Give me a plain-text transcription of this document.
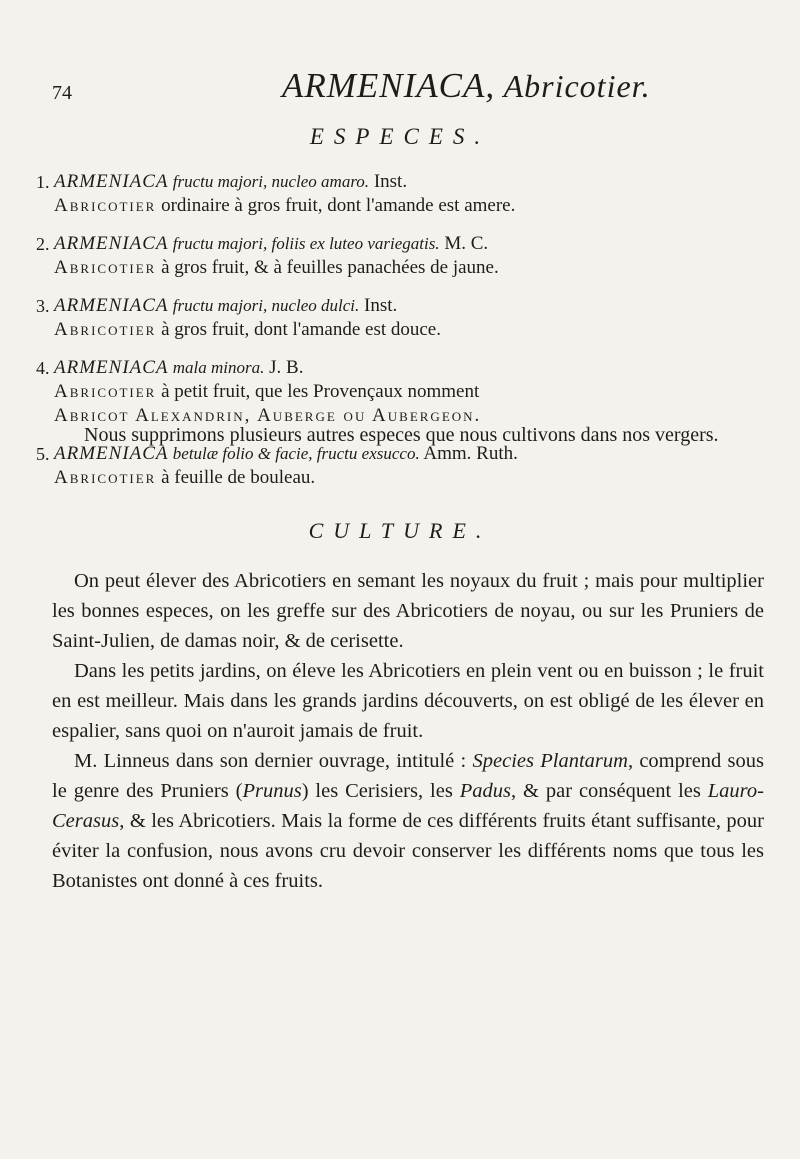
74	ARMENIACA, Abricotier.
ESPECES.
1. ARMENIACA fructu majori, nucleo amaro. Inst.
Abricotier ordinaire à gros fruit, dont l'amande est amere.
2. ARMENIACA fructu majori, foliis ex luteo variegatis. M. C.
Abricotier à gros fruit, & à feuilles panachées de jaune.
3. ARMENIACA fructu majori, nucleo dulci. Inst.
Abricotier à gros fruit, dont l'amande est douce.
4. ARMENIACA mala minora. J. B.
Abricotier à petit fruit, que les Provençaux nomment
Abricot Alexandrin, Auberge ou Aubergeon.
5. ARMENIACA betulæ folio & facie, fructu exsucco. Amm. Ruth.
Abricotier à feuille de bouleau.
Nous supprimons plusieurs autres especes que nous cultivons dans nos vergers.
CULTURE.

On peut élever des Abricotiers en semant les noyaux du fruit ; mais pour multiplier les bonnes especes, on les greffe sur des Abricotiers de noyau, ou sur les Pruniers de Saint-Julien, de damas noir, & de cerisette.

Dans les petits jardins, on éleve les Abricotiers en plein vent ou en buisson ; le fruit en est meilleur. Mais dans les grands jardins découverts, on est obligé de les élever en espalier, sans quoi on n'auroit jamais de fruit.

M. Linneus dans son dernier ouvrage, intitulé : Species Plantarum, comprend sous le genre des Pruniers (Prunus) les Cerisiers, les Padus, & par conséquent les Lauro-Cerasus, & les Abricotiers. Mais la forme de ces différents fruits étant suffisante, pour éviter la confusion, nous avons cru devoir conserver les différents noms que tous les Botanistes ont donné à ces fruits.
